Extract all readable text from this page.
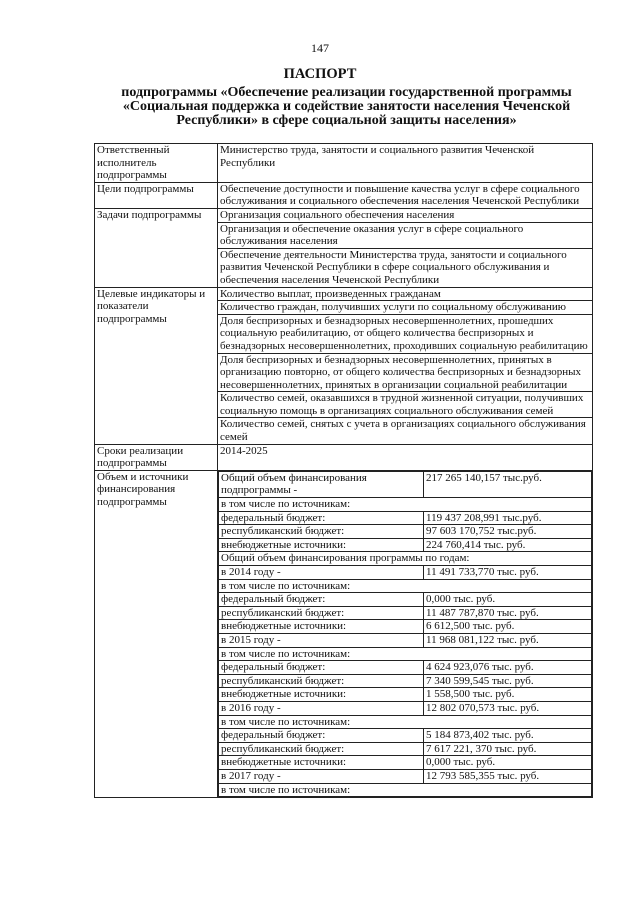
147
ПАСПОРТ
подпрограммы «Обеспечение реализации государственной программы
«Социальная поддержка и содействие занятости населения Чеченской
Республики» в сфере социальной защиты населения»
Ответственный исполнитель подпрограммы	Министерство труда, занятости и социального развития Чеченской Республики
Цели подпрограммы	Обеспечение доступности и повышение качества услуг в сфере социального обслуживания и социального обеспечения населения Чеченской Республики
Задачи подпрограммы	Организация социального обеспечения населения
Организация и обеспечение оказания услуг в сфере социального обслуживания населения
Обеспечение деятельности Министерства труда, занятости и социального развития Чеченской Республики в сфере социального обслуживания и обеспечения населения Чеченской Республики
Целевые индикаторы и показатели подпрограммы	Количество выплат, произведенных гражданам
Количество граждан, получивших услуги по социальному обслуживанию
Доля беспризорных и безнадзорных несовершеннолетних, прошедших социальную реабилитацию, от общего количества беспризорных и безнадзорных несовершеннолетних, проходивших социальную реабилитацию
Доля беспризорных и безнадзорных несовершеннолетних, принятых в организацию повторно, от общего количества беспризорных и безнадзорных несовершеннолетних, принятых в организации социальной реабилитации
Количество семей, оказавшихся в трудной жизненной ситуации, получивших социальную помощь в организациях социального обслуживания семей
Количество семей, снятых с учета в организациях социального обслуживания семей
Сроки реализации подпрограммы	2014-2025
Объем и источники финансирования подпрограммы	
Общий объем финансирования подпрограммы -	217 265 140,157 тыс.руб.
в том числе по источникам:
федеральный бюджет:	119 437 208,991 тыс.руб.
республиканский бюджет:	97 603 170,752 тыс.руб.
внебюджетные источники:	224 760,414 тыс. руб.
Общий объем финансирования программы по годам:
в 2014 году -	11 491 733,770 тыс. руб.
в том числе по источникам:
федеральный бюджет:	0,000 тыс. руб.
республиканский бюджет:	11 487 787,870 тыс. руб.
внебюджетные источники:	6 612,500 тыс. руб.
в 2015 году -	11 968 081,122 тыс. руб.
в том числе по источникам:
федеральный бюджет:	4 624 923,076 тыс. руб.
республиканский бюджет:	7 340 599,545 тыс. руб.
внебюджетные источники:	1 558,500 тыс. руб.
в 2016 году -	12 802 070,573 тыс. руб.
в том числе по источникам:
федеральный бюджет:	5 184 873,402 тыс. руб.
республиканский бюджет:	7 617 221, 370 тыс. руб.
внебюджетные источники:	0,000 тыс. руб.
в 2017 году -	12 793 585,355 тыс. руб.
в том числе по источникам:
